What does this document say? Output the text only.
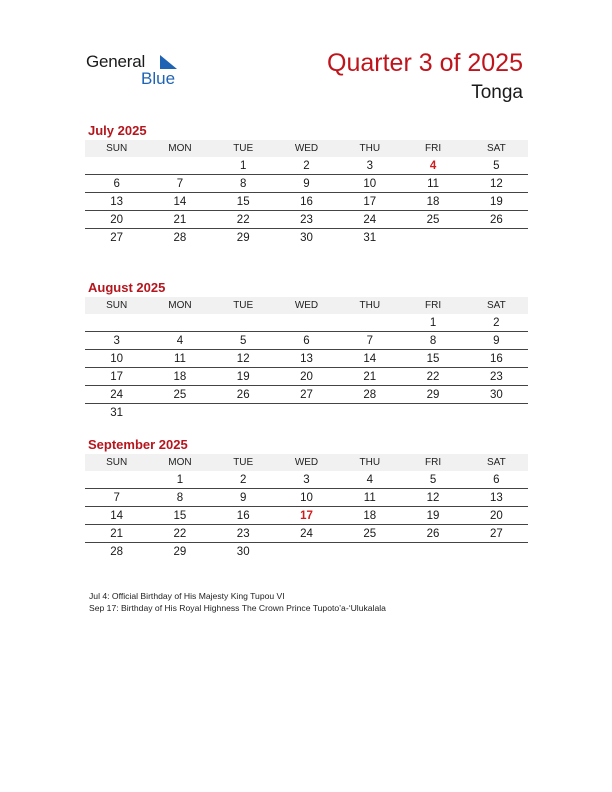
General
Blue
Quarter 3 of 2025
Tonga
July 2025
SUN	MON	TUE	WED	THU	FRI	SAT
		1	2	3	4	5
6	7	8	9	10	11	12
13	14	15	16	17	18	19
20	21	22	23	24	25	26
27	28	29	30	31		
August 2025
SUN	MON	TUE	WED	THU	FRI	SAT
					1	2
3	4	5	6	7	8	9
10	11	12	13	14	15	16
17	18	19	20	21	22	23
24	25	26	27	28	29	30
31						
September 2025
SUN	MON	TUE	WED	THU	FRI	SAT
	1	2	3	4	5	6
7	8	9	10	11	12	13
14	15	16	17	18	19	20
21	22	23	24	25	26	27
28	29	30				
Jul 4: Official Birthday of His Majesty King Tupou VI
Sep 17: Birthday of His Royal Highness The Crown Prince Tupoto’a-‘Ulukalala
